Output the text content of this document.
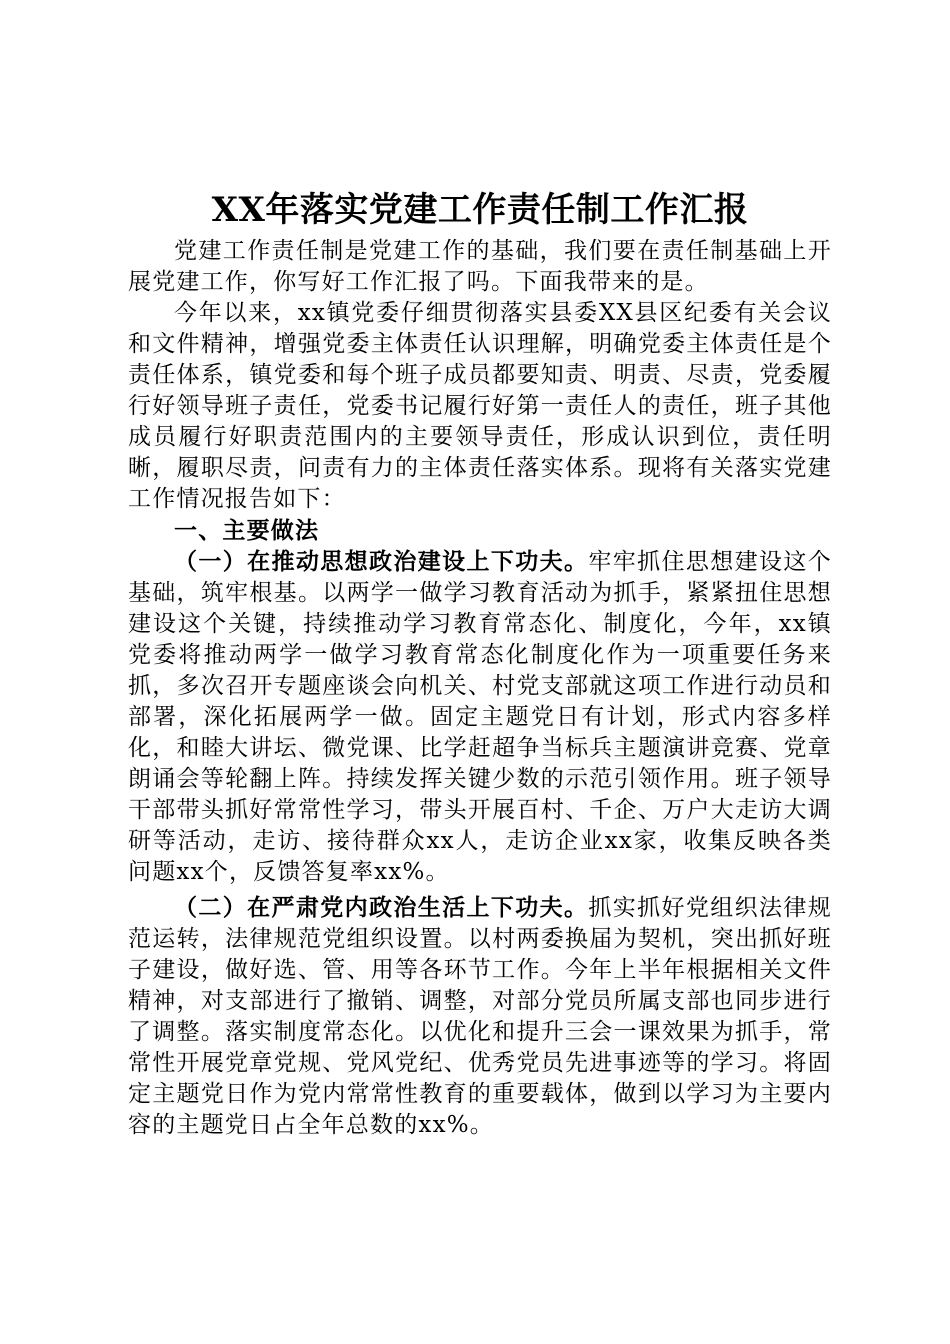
XX年落实党建工作责任制工作汇报

党建工作责任制是党建工作的基础，我们要在责任制基础上开展党建工作，你写好工作汇报了吗。下面我带来的是。

今年以来，xx镇党委仔细贯彻落实县委XX县区纪委有关会议和文件精神，增强党委主体责任认识理解，明确党委主体责任是个责任体系，镇党委和每个班子成员都要知责、明责、尽责，党委履行好领导班子责任，党委书记履行好第一责任人的责任，班子其他成员履行好职责范围内的主要领导责任，形成认识到位，责任明晰，履职尽责，问责有力的主体责任落实体系。现将有关落实党建工作情况报告如下：

一、主要做法

（一）在推动思想政治建设上下功夫。牢牢抓住思想建设这个基础，筑牢根基。以两学一做学习教育活动为抓手，紧紧扭住思想建设这个关键，持续推动学习教育常态化、制度化，今年，xx镇党委将推动两学一做学习教育常态化制度化作为一项重要任务来抓，多次召开专题座谈会向机关、村党支部就这项工作进行动员和部署，深化拓展两学一做。固定主题党日有计划，形式内容多样化，和睦大讲坛、微党课、比学赶超争当标兵主题演讲竞赛、党章朗诵会等轮翻上阵。持续发挥关键少数的示范引领作用。班子领导干部带头抓好常常性学习，带头开展百村、千企、万户大走访大调研等活动，走访、接待群众xx人，走访企业xx家，收集反映各类问题xx个，反馈答复率xx%。

（二）在严肃党内政治生活上下功夫。抓实抓好党组织法律规范运转，法律规范党组织设置。以村两委换届为契机，突出抓好班子建设，做好选、管、用等各环节工作。今年上半年根据相关文件精神，对支部进行了撤销、调整，对部分党员所属支部也同步进行了调整。落实制度常态化。以优化和提升三会一课效果为抓手，常常性开展党章党规、党风党纪、优秀党员先进事迹等的学习。将固定主题党日作为党内常常性教育的重要载体，做到以学习为主要内容的主题党日占全年总数的xx%。
